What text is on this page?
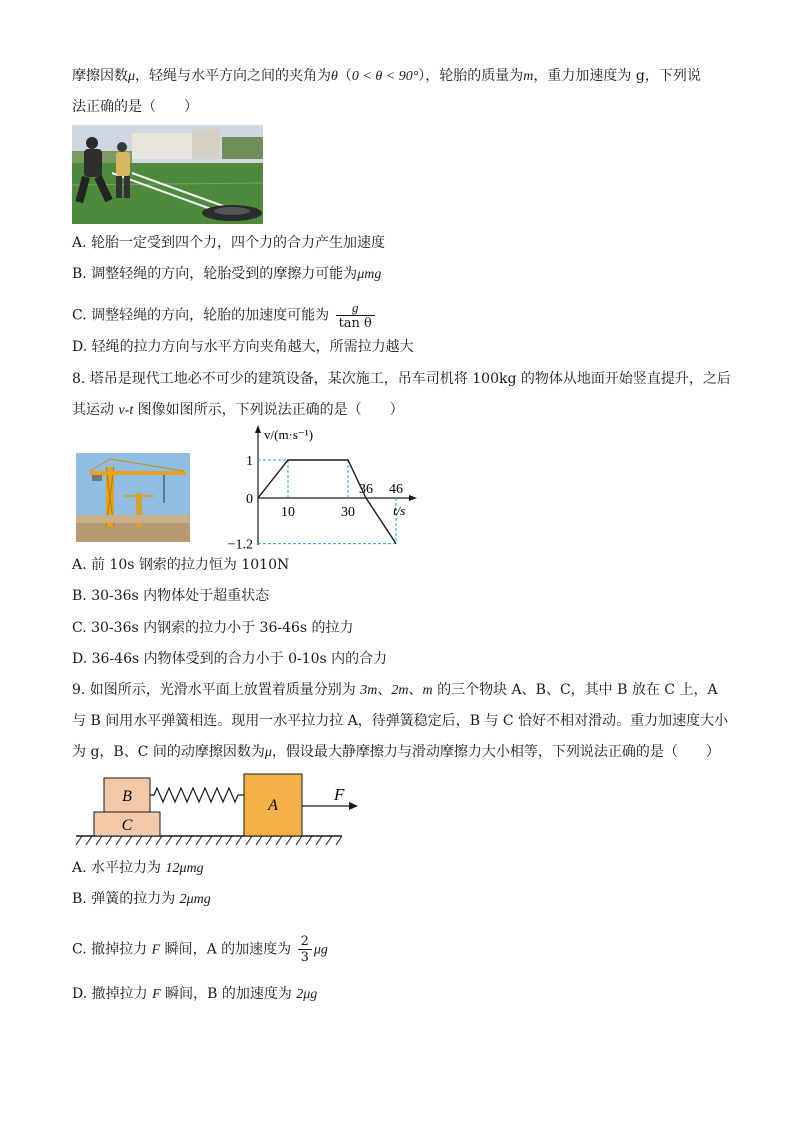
摩擦因数μ，轻绳与水平方向之间的夹角为θ（0 < θ < 90°），轮胎的质量为m，重力加速度为 g，下列说
法正确的是（　　）
A. 轮胎一定受到四个力，四个力的合力产生加速度
B. 调整轻绳的方向，轮胎受到的摩擦力可能为μmg
C. 调整轻绳的方向，轮胎的加速度可能为 $\frac{g}{\text{tan θ}}$
D. 轻绳的拉力方向与水平方向夹角越大，所需拉力越大
8. 塔吊是现代工地必不可少的建筑设备，某次施工，吊车司机将 100kg 的物体从地面开始竖直提升，之后
其运动 v-t 图像如图所示，下列说法正确的是（　　）
10	30
36 46
1
0
−1.2
v/(m·s⁻¹)
t/s
A. 前 10s 钢索的拉力恒为 1010N
B. 30-36s 内物体处于超重状态
C. 30-36s 内钢索的拉力小于 36-46s 的拉力
D. 36-46s 内物体受到的合力小于 0-10s 内的合力
9. 如图所示，光滑水平面上放置着质量分别为 3m、2m、m 的三个物块 A、B、C，其中 B 放在 C 上，A
与 B 间用水平弹簧相连。现用一水平拉力拉 A，待弹簧稳定后，B 与 C 恰好不相对滑动。重力加速度大小
为 g，B、C 间的动摩擦因数为μ，假设最大静摩擦力与滑动摩擦力大小相等，下列说法正确的是（　　）
C
B
A
F
A. 水平拉力为 12μmg
B. 弹簧的拉力为 2μmg
C. 撤掉拉力 F 瞬间，A 的加速度为 $\frac{2}{3}$ μg
D. 撤掉拉力 F 瞬间，B 的加速度为 2μg
